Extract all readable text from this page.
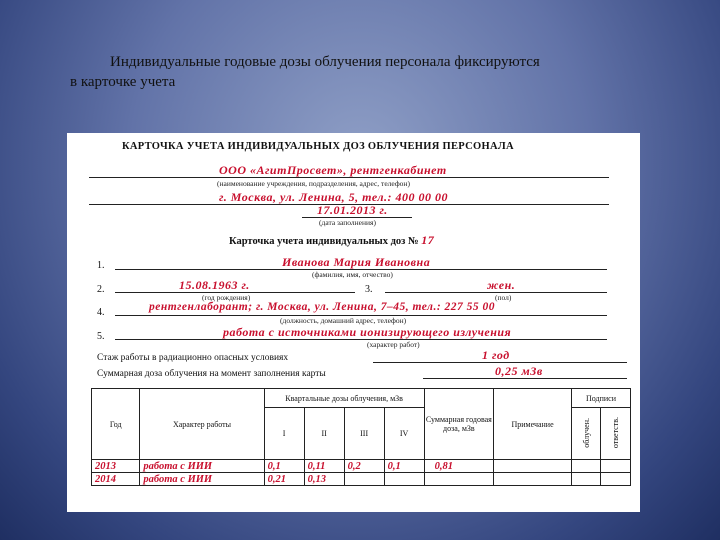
Индивидуальные годовые дозы облучения персонала фиксируются
в карточке учета
КАРТОЧКА УЧЕТА ИНДИВИДУАЛЬНЫХ ДОЗ ОБЛУЧЕНИЯ ПЕРСОНАЛА
ООО «АгитПросвет», рентгенкабинет
(наименование учреждения, подразделения, адрес, телефон)
г. Москва, ул. Ленина, 5, тел.: 400 00 00
17.01.2013 г.
(дата заполнения)
Карточка учета индивидуальных доз № 17
1.	Иванова Мария Ивановна
(фамилия, имя, отчество)
2.	15.08.1963 г.
(год рождения)
3.	жен.
(пол)
4.	рентгенлаборант; г. Москва, ул. Ленина, 7–45, тел.: 227 55 00
(должность, домашний адрес, телефон)
5.	работа с источниками ионизирующего излучения
(характер работ)
Стаж работы в радиационно опасных условиях	1 год
Суммарная доза облучения на момент заполнения карты	0,25 мЗв
Год	Характер работы	Квартальные дозы облучения, мЗв				Суммарная годовая доза, мЗв	Примечание	Подписи	
		I	II	III	IV			облучен.	ответств.
2013	работа с ИИИ	0,1	0,11	0,2	0,1	0,81			
2014	работа с ИИИ	0,21	0,13						
